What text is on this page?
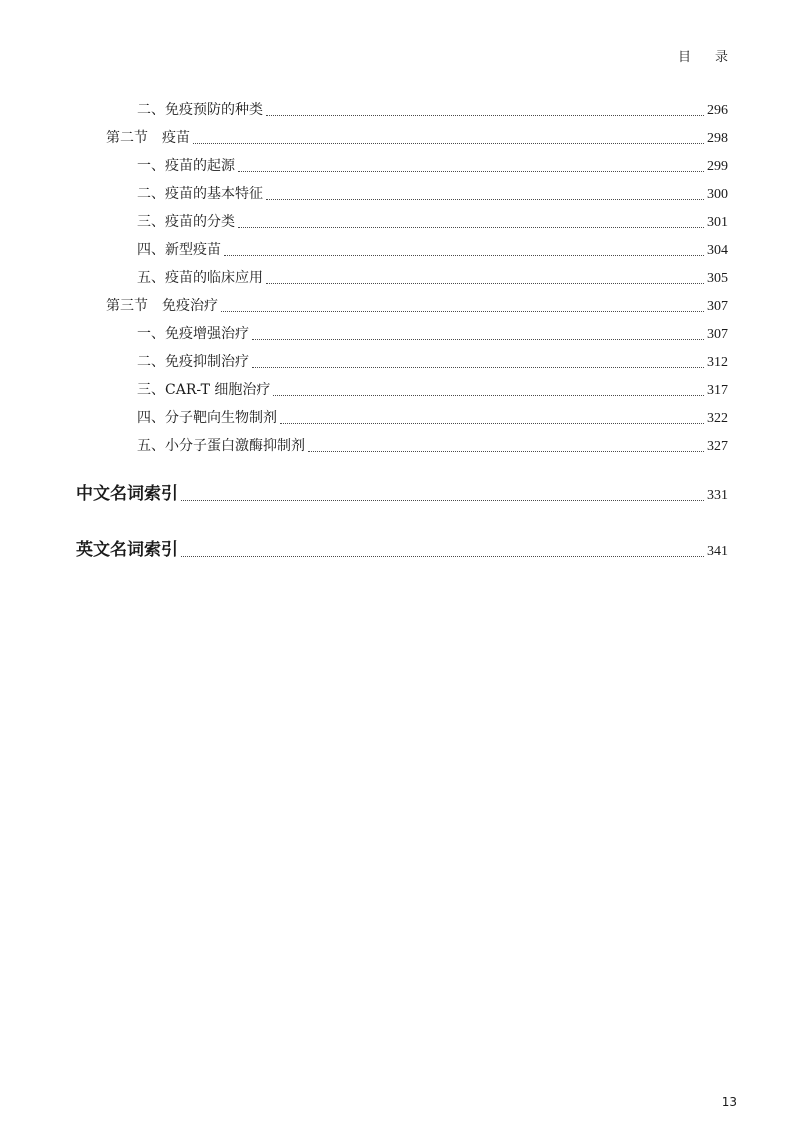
目 录
二、免疫预防的种类	296
第二节　疫苗	298
一、疫苗的起源	299
二、疫苗的基本特征	300
三、疫苗的分类	301
四、新型疫苗	304
五、疫苗的临床应用	305
第三节　免疫治疗	307
一、免疫增强治疗	307
二、免疫抑制治疗	312
三、CAR-T 细胞治疗	317
四、分子靶向生物制剂	322
五、小分子蛋白激酶抑制剂	327
中文名词索引	331
英文名词索引	341
13
